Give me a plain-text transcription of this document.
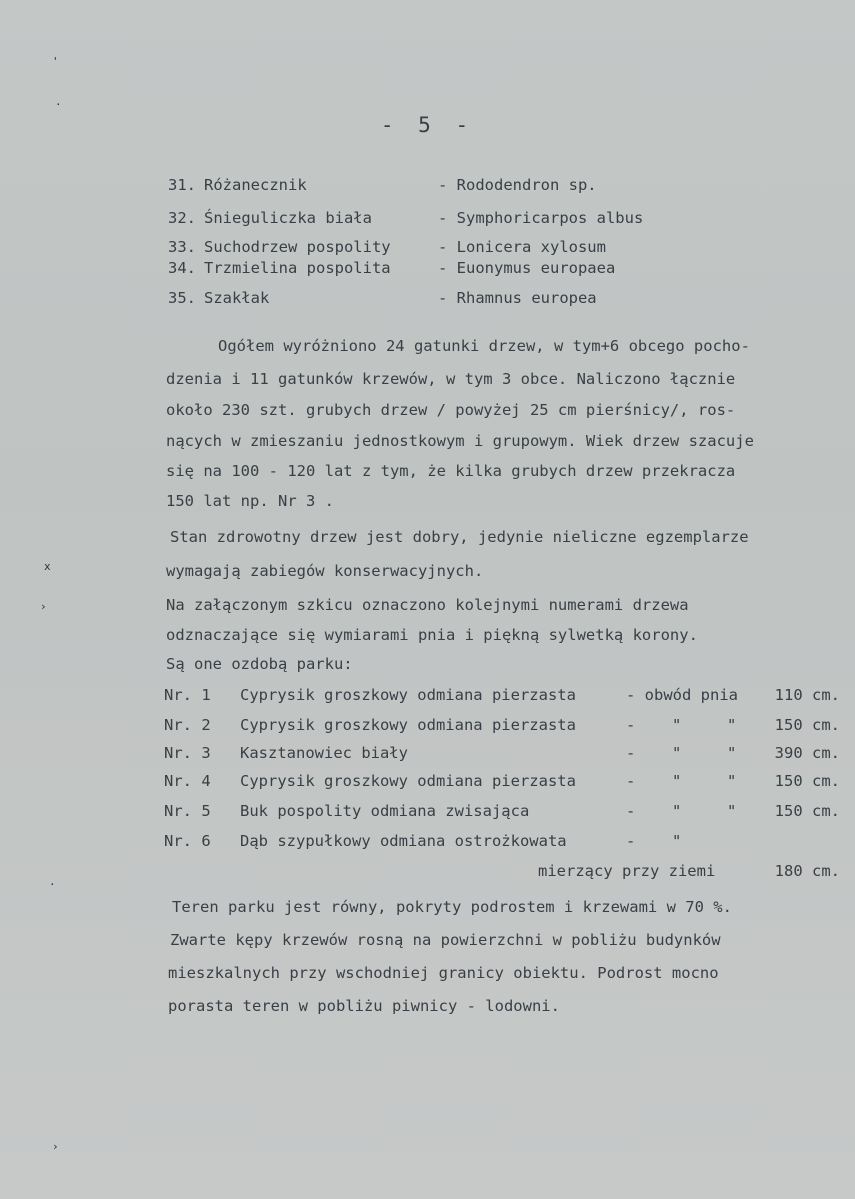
'
·
x
›
·
›
- 5 -
31. Różanecznik	- Rododendron sp.
32. Śnieguliczka biała	- Symphoricarpos albus
33. Suchodrzew pospolity	- Lonicera xylosum
34. Trzmielina pospolita	- Euonymus europaea
35. Szakłak	- Rhamnus europea
Ogółem wyróżniono 24 gatunki drzew, w tym+6 obcego pocho-
dzenia i 11 gatunków krzewów, w tym 3 obce. Naliczono łącznie
około 230 szt. grubych drzew / powyżej 25 cm pierśnicy/, ros-
nących w zmieszaniu jednostkowym i grupowym. Wiek drzew szacuje
się na 100 - 120 lat z tym, że kilka grubych drzew przekracza
150 lat np. Nr 3 .
Stan zdrowotny drzew jest dobry, jedynie nieliczne egzemplarze
wymagają zabiegów konserwacyjnych.
Na załączonym szkicu oznaczono kolejnymi numerami drzewa
odznaczające się wymiarami pnia i piękną sylwetką korony.
Są one ozdobą parku:
Nr. 1 Cyprysik groszkowy odmiana pierzasta	- obwód pnia 110 cm.
Nr. 2 Cyprysik groszkowy odmiana pierzasta	- "	" 150 cm.
Nr. 3 Kasztanowiec biały	- "	" 390 cm.
Nr. 4 Cyprysik groszkowy odmiana pierzasta	- "	" 150 cm.
Nr. 5 Buk pospolity odmiana zwisająca	- "	" 150 cm.
Nr. 6 Dąb szypułkowy odmiana ostrożkowata	- "
mierzący przy ziemi	180 cm.
Teren parku jest równy, pokryty podrostem i krzewami w 70 %.
Zwarte kępy krzewów rosną na powierzchni w pobliżu budynków
mieszkalnych przy wschodniej granicy obiektu. Podrost mocno
porasta teren w pobliżu piwnicy - lodowni.
